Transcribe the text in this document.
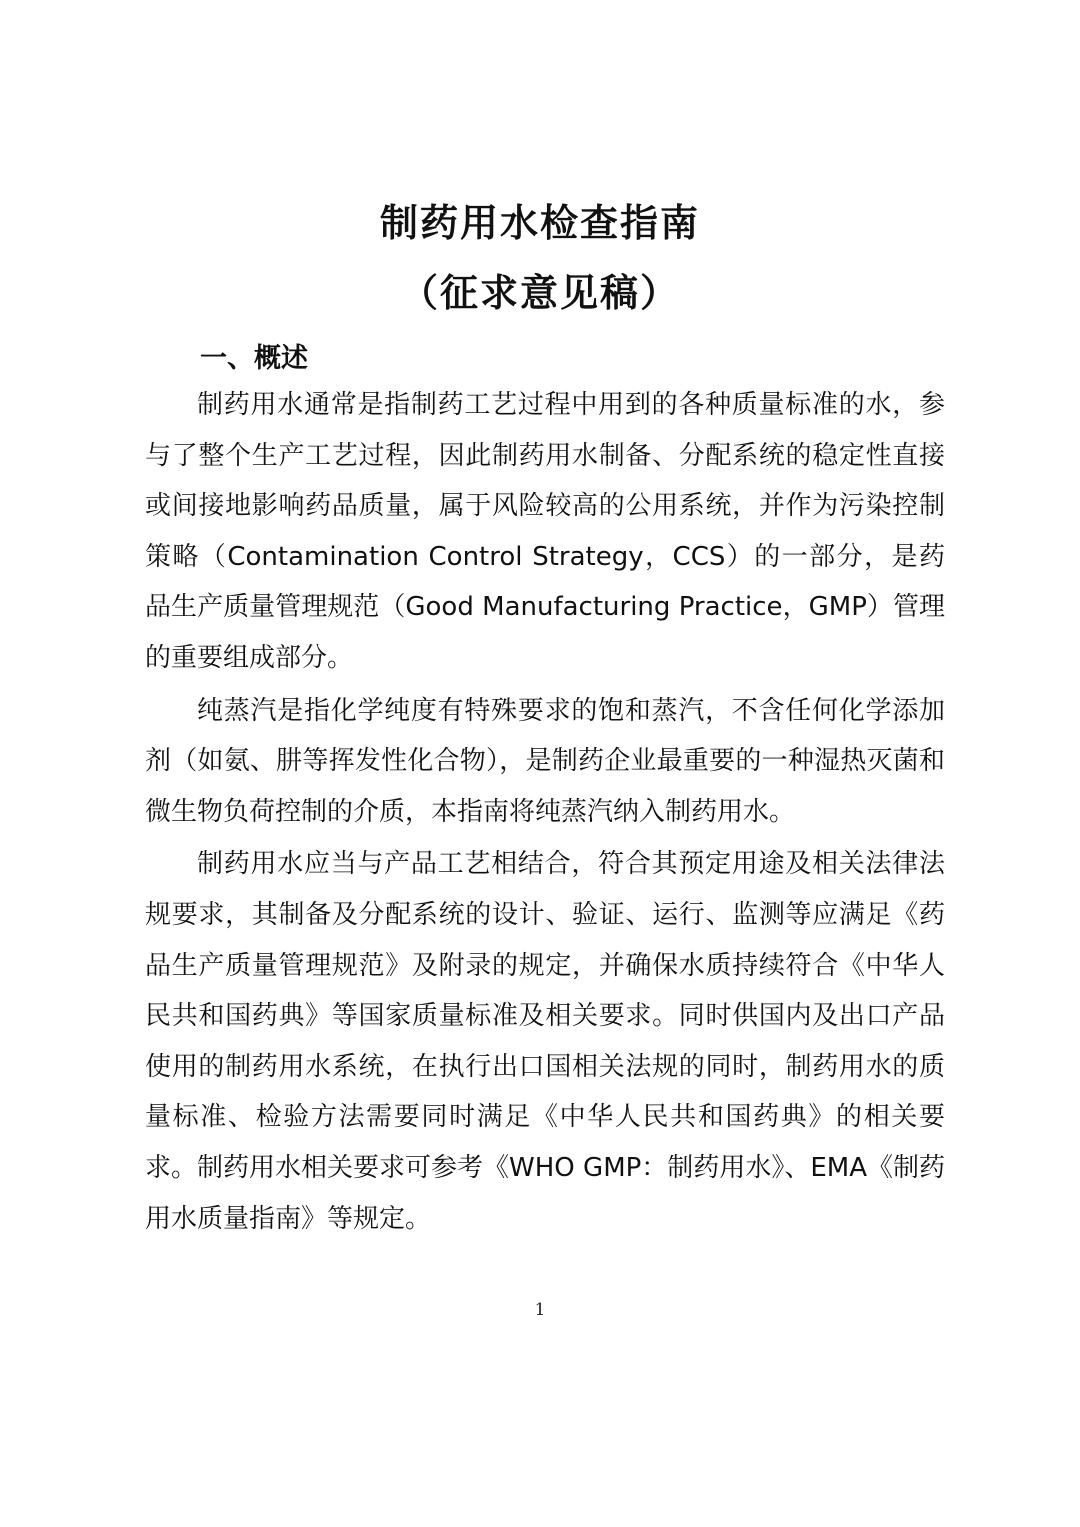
制药用水检查指南
（征求意见稿）
一、概述

制药用水通常是指制药工艺过程中用到的各种质量标准的水，参与了整个生产工艺过程，因此制药用水制备、分配系统的稳定性直接或间接地影响药品质量，属于风险较高的公用系统，并作为污染控制策略（Contamination Control Strategy，CCS）的一部分，是药品生产质量管理规范（Good Manufacturing Practice，GMP）管理的重要组成部分。

纯蒸汽是指化学纯度有特殊要求的饱和蒸汽，不含任何化学添加剂（如氨、肼等挥发性化合物），是制药企业最重要的一种湿热灭菌和微生物负荷控制的介质，本指南将纯蒸汽纳入制药用水。

制药用水应当与产品工艺相结合，符合其预定用途及相关法律法规要求，其制备及分配系统的设计、验证、运行、监测等应满足《药品生产质量管理规范》及附录的规定，并确保水质持续符合《中华人民共和国药典》等国家质量标准及相关要求。同时供国内及出口产品使用的制药用水系统，在执行出口国相关法规的同时，制药用水的质量标准、检验方法需要同时满足《中华人民共和国药典》的相关要求。制药用水相关要求可参考《WHO GMP：制药用水》、EMA《制药用水质量指南》等规定。

1
